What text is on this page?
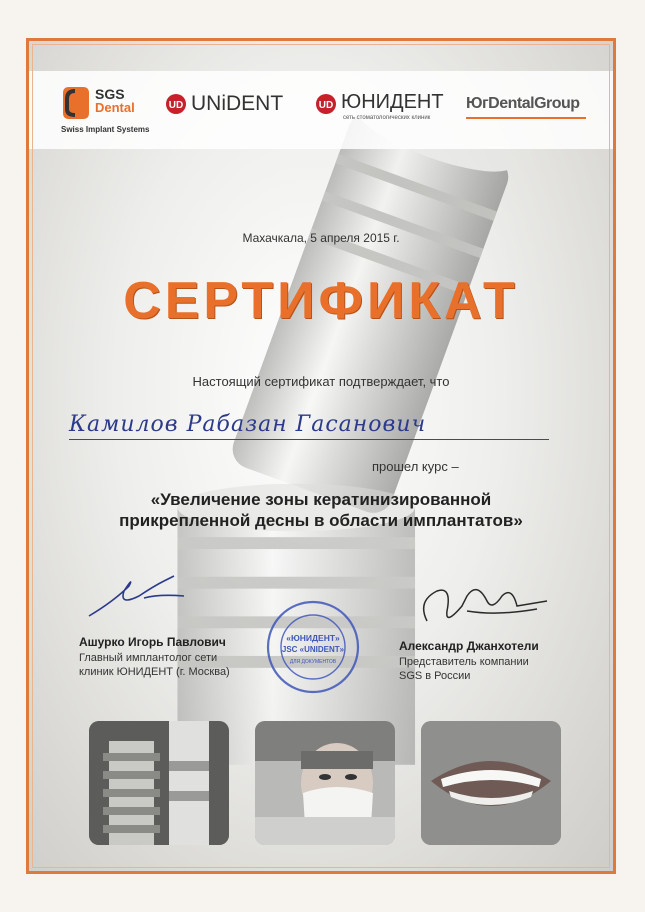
SGS
Dental
Swiss Implant Systems
UD UNiDENT	UD ЮНИДЕНТ
сеть стоматологических клиник
ЮгDentalGroup
Махачкала, 5 апреля 2015 г.
СЕРТИФИКАТ
Настоящий сертификат подтверждает, что
Камилов Рабазан Гасанович
прошел курс –
«Увеличение зоны кератинизированной
прикрепленной десны в области имплантатов»
Ашурко Игорь Павлович
Главный имплантолог сети
клиник ЮНИДЕНТ (г. Москва)
«ЮНИДЕНТ»
JSC «UNIDENT»
ДЛЯ ДОКУМЕНТОВ
Александр Джанхотели
Представитель компании
SGS в России
